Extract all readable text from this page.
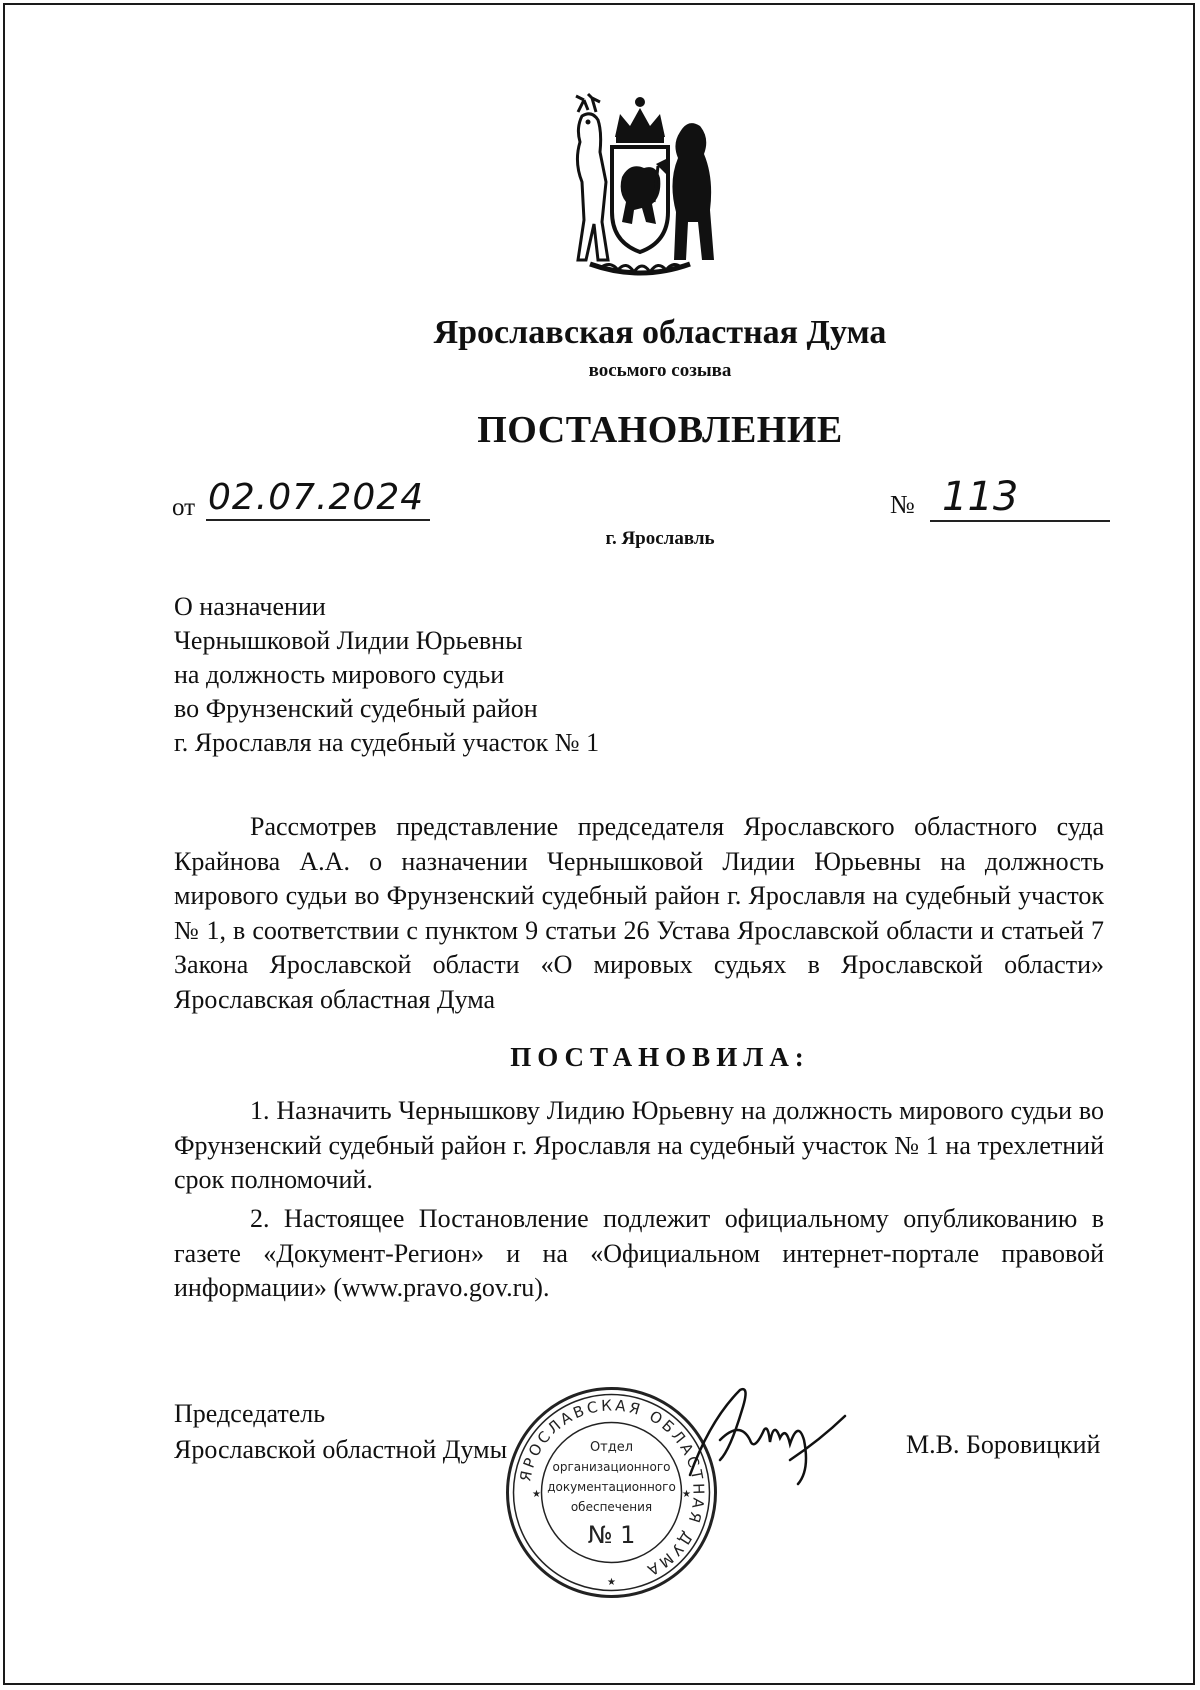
Ярославская областная Дума
восьмого созыва
ПОСТАНОВЛЕНИЕ
от 02.07.2024	№ 113
г. Ярославль
О назначении
Чернышковой Лидии Юрьевны
на должность мирового судьи
во Фрунзенский судебный район
г. Ярославля на судебный участок № 1
Рассмотрев представление председателя Ярославского областного суда Крайнова А.А. о назначении Чернышковой Лидии Юрьевны на должность мирового судьи во Фрунзенский судебный район г. Ярославля на судебный участок № 1, в соответствии с пунктом 9 статьи 26 Устава Ярославской области и статьей 7 Закона Ярославской области «О мировых судьях в Ярославской области» Ярославская областная Дума
ПОСТАНОВИЛА:
1. Назначить Чернышкову Лидию Юрьевну на должность мирового судьи во Фрунзенский судебный район г. Ярославля на судебный участок № 1 на трехлетний срок полномочий.
2. Настоящее Постановление подлежит официальному опубликованию в газете «Документ-Регион» и на «Официальном интернет-портале правовой информации» (www.pravo.gov.ru).
Председатель
Ярославской областной Думы	М.В. Боровицкий
ЯРОСЛАВСКАЯ ОБЛАСТНАЯ ДУМА
Отдел
организационного
документационного
обеспечения
№ 1
★	★
★
